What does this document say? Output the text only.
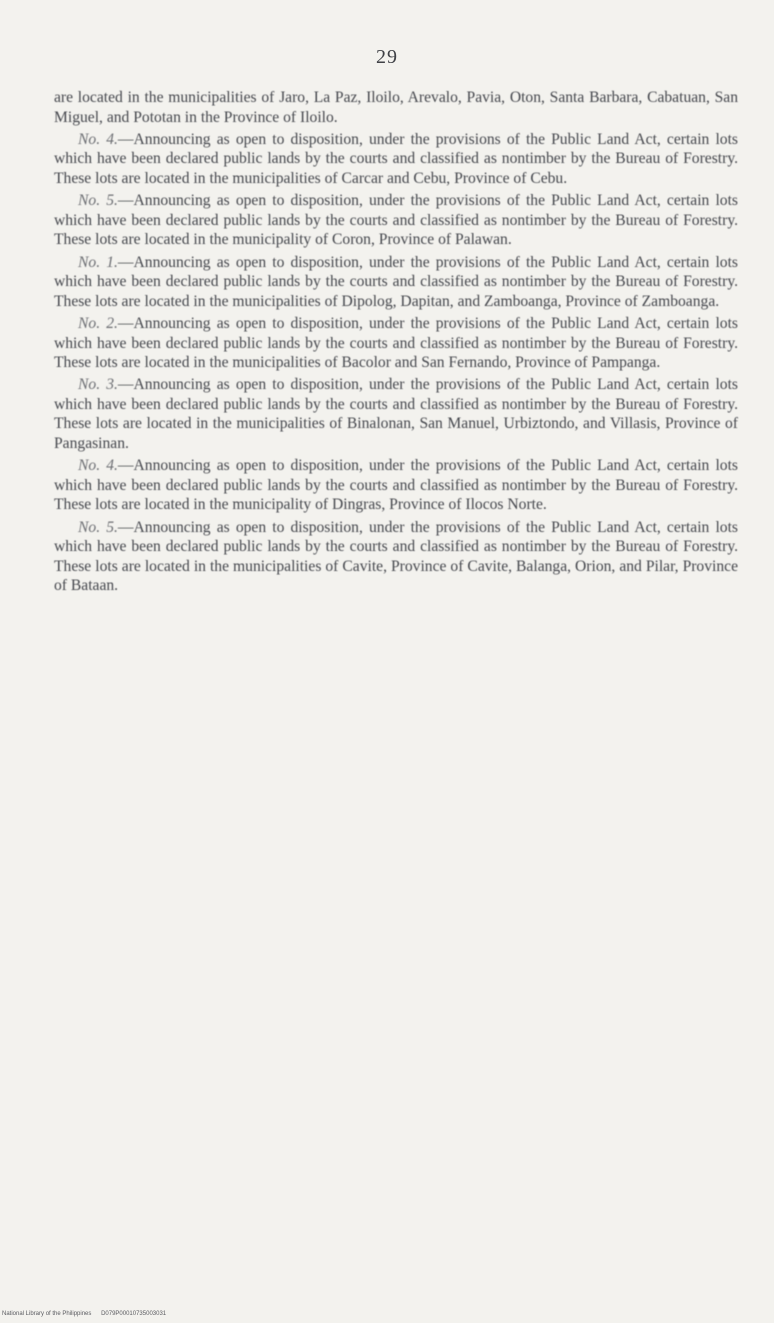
29

are located in the municipalities of Jaro, La Paz, Iloilo, Arevalo, Pavia, Oton, Santa Barbara, Cabatuan, San Miguel, and Pototan in the Province of Iloilo.

No. 4.—Announcing as open to disposition, under the provisions of the Public Land Act, certain lots which have been declared public lands by the courts and classified as nontimber by the Bureau of Forestry. These lots are located in the municipalities of Carcar and Cebu, Province of Cebu.

No. 5.—Announcing as open to disposition, under the provisions of the Public Land Act, certain lots which have been declared public lands by the courts and classified as nontimber by the Bureau of Forestry. These lots are located in the municipality of Coron, Province of Palawan.

No. 1.—Announcing as open to disposition, under the provisions of the Public Land Act, certain lots which have been declared public lands by the courts and classified as nontimber by the Bureau of Forestry. These lots are located in the municipalities of Dipolog, Dapitan, and Zamboanga, Province of Zamboanga.

No. 2.—Announcing as open to disposition, under the provisions of the Public Land Act, certain lots which have been declared public lands by the courts and classified as nontimber by the Bureau of Forestry. These lots are located in the municipalities of Bacolor and San Fernando, Province of Pampanga.

No. 3.—Announcing as open to disposition, under the provisions of the Public Land Act, certain lots which have been declared public lands by the courts and classified as nontimber by the Bureau of Forestry. These lots are located in the municipalities of Binalonan, San Manuel, Urbiztondo, and Villasis, Province of Pangasinan.

No. 4.—Announcing as open to disposition, under the provisions of the Public Land Act, certain lots which have been declared public lands by the courts and classified as nontimber by the Bureau of Forestry. These lots are located in the municipality of Dingras, Province of Ilocos Norte.

No. 5.—Announcing as open to disposition, under the provisions of the Public Land Act, certain lots which have been declared public lands by the courts and classified as nontimber by the Bureau of Forestry. These lots are located in the municipalities of Cavite, Province of Cavite, Balanga, Orion, and Pilar, Province of Bataan.

National Library of the Philippines D079P00010735003031
